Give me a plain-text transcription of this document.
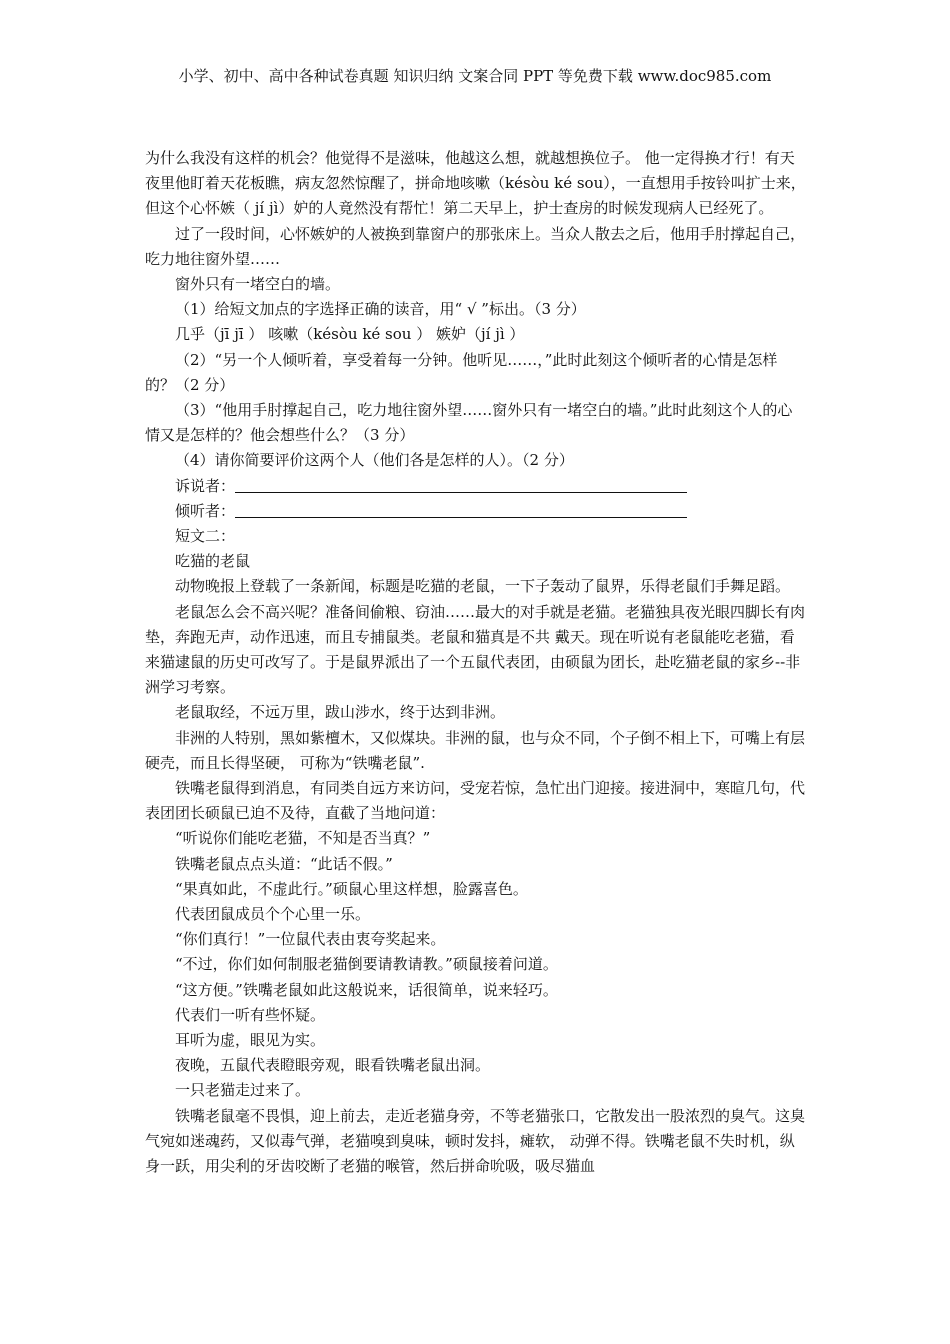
小学、初中、高中各种试卷真题 知识归纳 文案合同 PPT 等免费下载 www.doc985.com

为什么我没有这样的机会？他觉得不是滋味，他越这么想，就越想换位子。 他一定得换才行！有天夜里他盯着天花板瞧，病友忽然惊醒了，拼命地咳嗽（késòu ké sou），一直想用手按铃叫扩士来，但这个心怀嫉（ jí jì）妒的人竟然没有帮忙！第二天早上，护士查房的时候发现病人已经死了。

过了一段时间，心怀嫉妒的人被换到靠窗户的那张床上。当众人散去之后，他用手肘撑起自己，吃力地往窗外望……

窗外只有一堵空白的墙。

（1）给短文加点的字选择正确的读音，用“ √ ”标出。（3 分）

几乎（jī jī ） 咳嗽（késòu ké sou ） 嫉妒（jí jì ）

（2）“另一个人倾听着，享受着每一分钟。他听见……，”此时此刻这个倾听者的心情是怎样的？（2 分）

（3）“他用手肘撑起自己，吃力地往窗外望……窗外只有一堵空白的墙。”此时此刻这个人的心情又是怎样的？他会想些什么？（3 分）

（4）请你简要评价这两个人（他们各是怎样的人）。（2 分）

诉说者：
倾听者：

短文二：

吃猫的老鼠

动物晚报上登载了一条新闻，标题是吃猫的老鼠，一下子轰动了鼠界，乐得老鼠们手舞足蹈。

老鼠怎么会不高兴呢？准备间偷粮、窃油……最大的对手就是老猫。老猫独具夜光眼四脚长有肉垫，奔跑无声，动作迅速，而且专捕鼠类。老鼠和猫真是不共 戴天。现在听说有老鼠能吃老猫，看来猫逮鼠的历史可改写了。于是鼠界派出了一个五鼠代表团，由硕鼠为团长，赴吃猫老鼠的家乡--非洲学习考察。

老鼠取经，不远万里，跋山涉水，终于达到非洲。

非洲的人特别，黑如紫檀木，又似煤块。非洲的鼠，也与众不同，个子倒不相上下，可嘴上有层硬壳，而且长得坚硬， 可称为“铁嘴老鼠”.

铁嘴老鼠得到消息，有同类自远方来访问，受宠若惊，急忙出门迎接。接进洞中，寒暄几句，代表团团长硕鼠已迫不及待，直截了当地问道：

“听说你们能吃老猫，不知是否当真？”

铁嘴老鼠点点头道：“此话不假。”

“果真如此，不虚此行。”硕鼠心里这样想，脸露喜色。

代表团鼠成员个个心里一乐。

“你们真行！”一位鼠代表由衷夸奖起来。

“不过，你们如何制服老猫倒要请教请教。”硕鼠接着问道。

“这方便。”铁嘴老鼠如此这般说来，话很简单，说来轻巧。

代表们一听有些怀疑。

耳听为虚，眼见为实。

夜晚，五鼠代表瞪眼旁观，眼看铁嘴老鼠出洞。

一只老猫走过来了。

铁嘴老鼠毫不畏惧，迎上前去，走近老猫身旁，不等老猫张口，它散发出一股浓烈的臭气。这臭气宛如迷魂药，又似毒气弹，老猫嗅到臭味，顿时发抖，瘫软， 动弹不得。铁嘴老鼠不失时机，纵身一跃，用尖利的牙齿咬断了老猫的喉管，然后拼命吮吸，吸尽猫血
